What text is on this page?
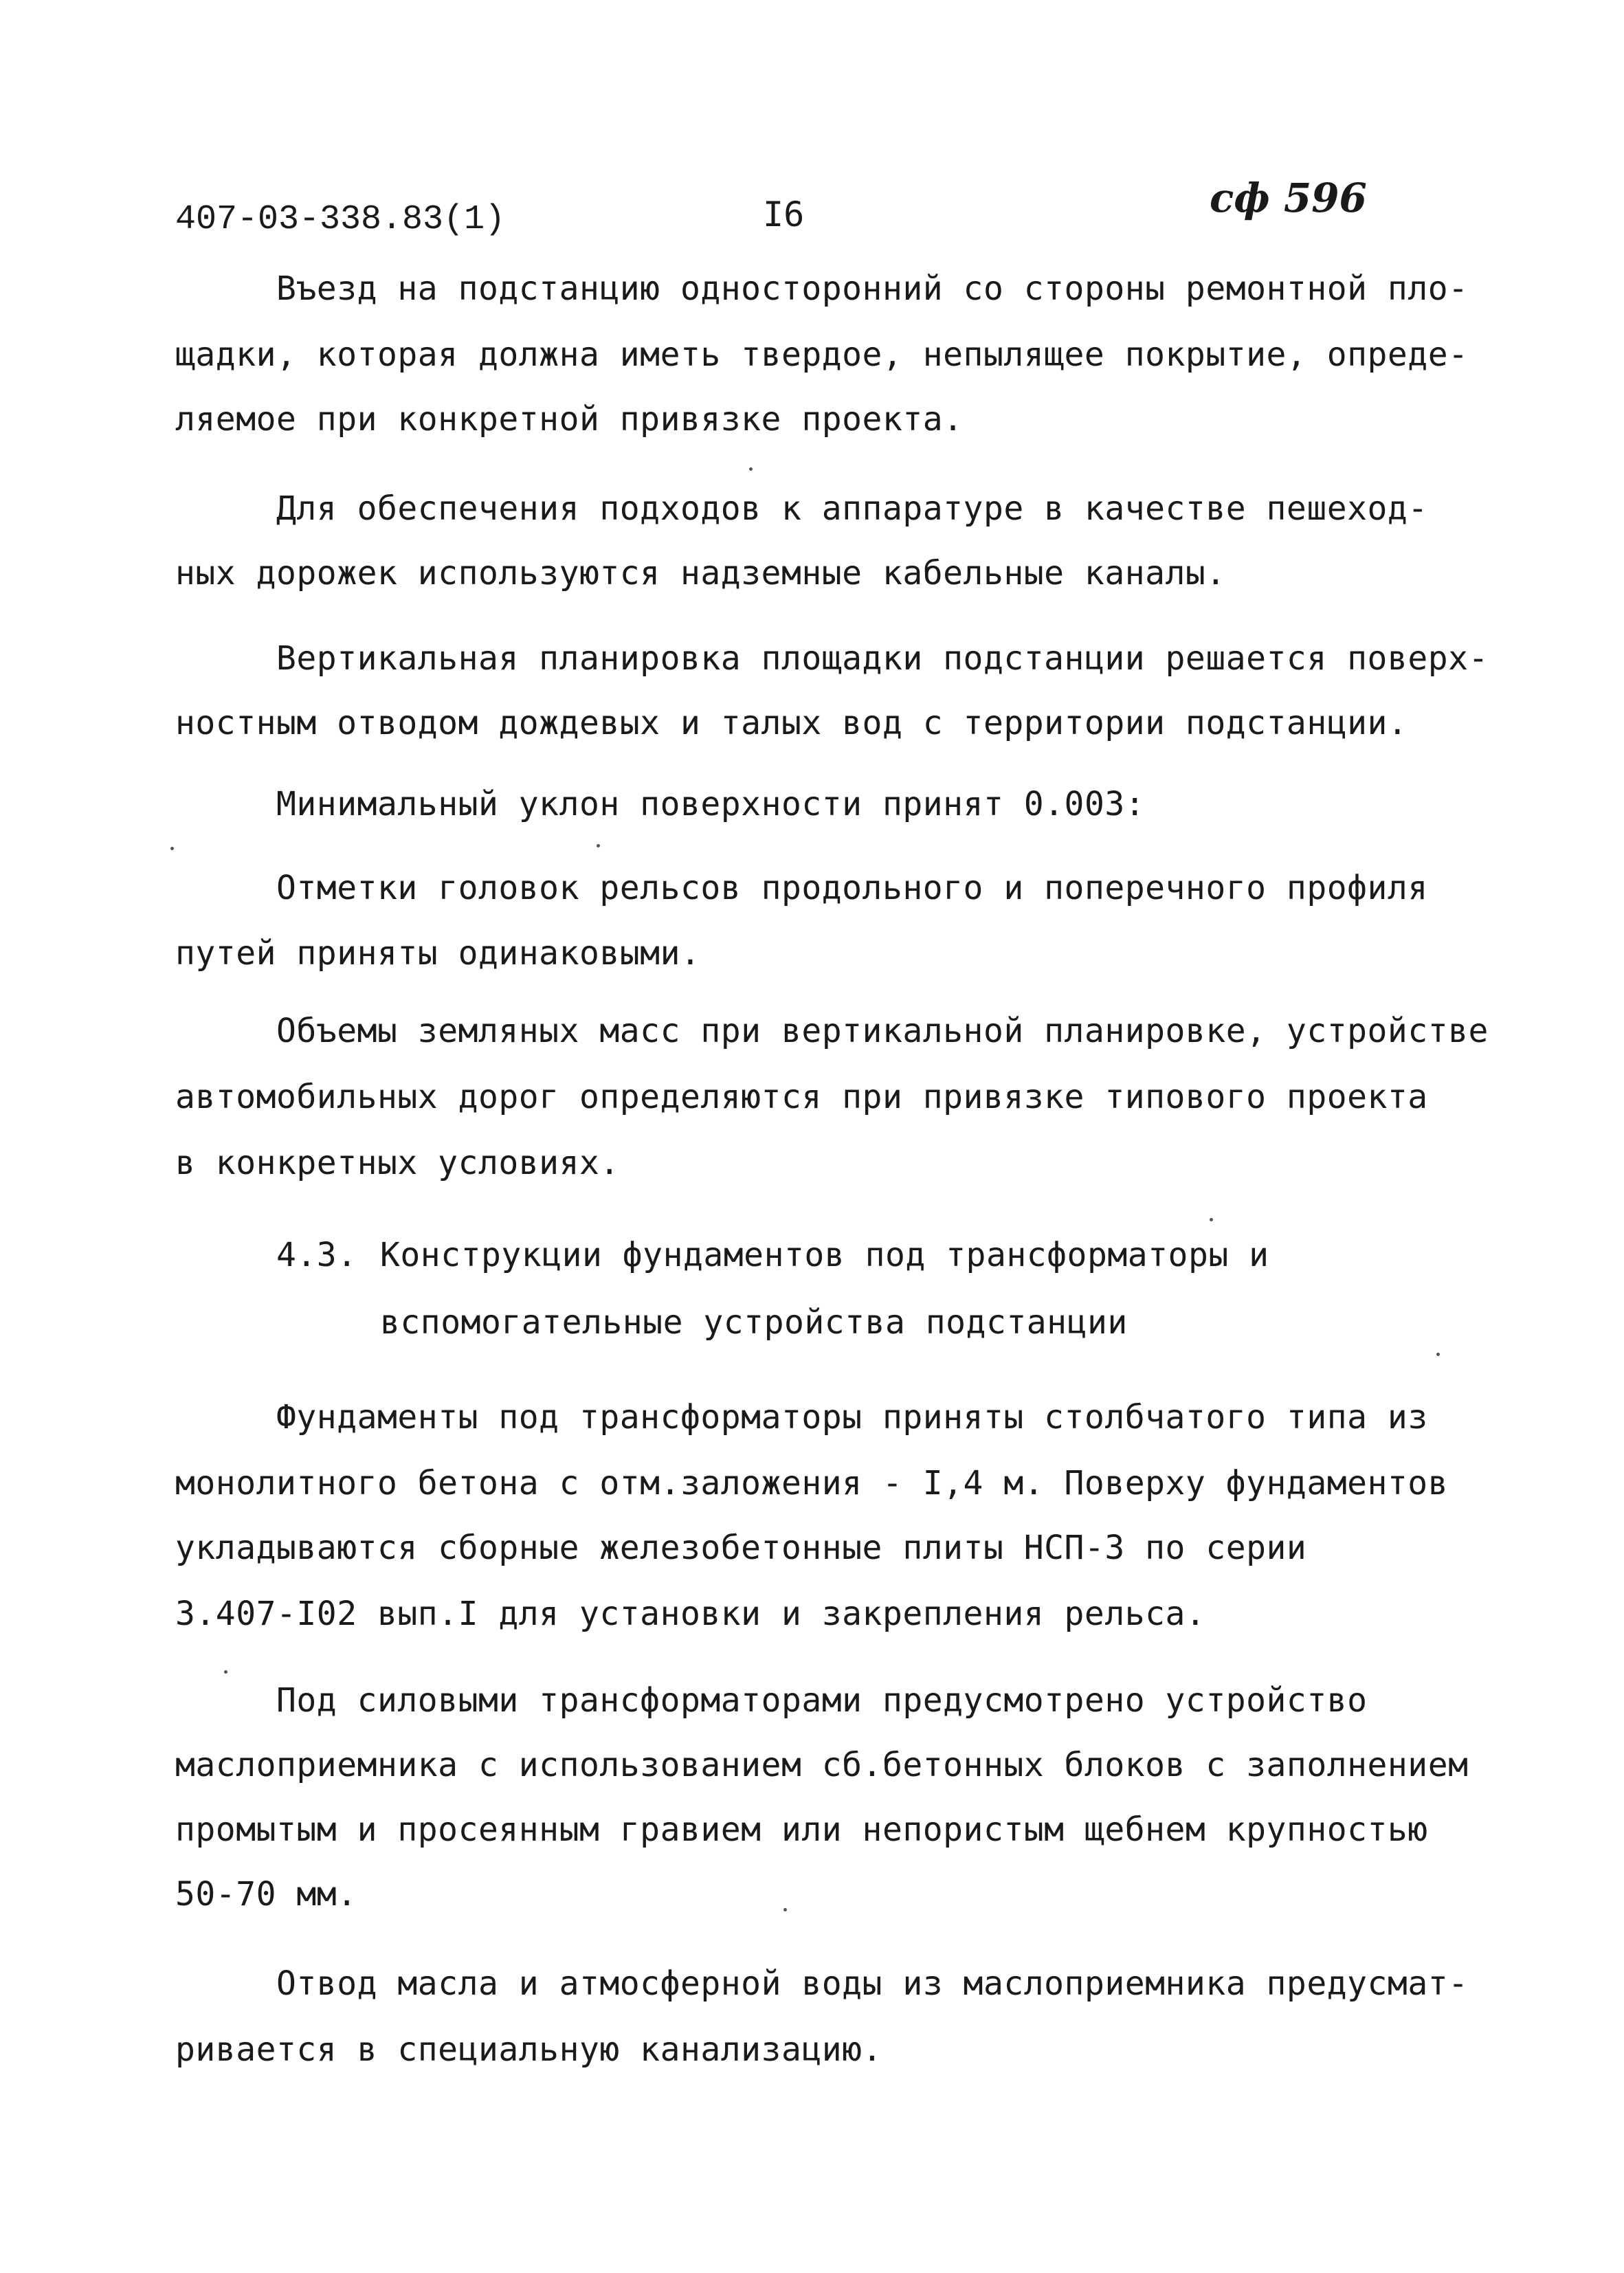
407-03-338.83(1)	I6	сф 596
Въезд на подстанцию односторонний со стороны ремонтной пло-
щадки, которая должна иметь твердое, непылящее покрытие, опреде-
ляемое при конкретной привязке проекта.
Для обеспечения подходов к аппаратуре в качестве пешеход-
ных дорожек используются надземные кабельные каналы.
Вертикальная планировка площадки подстанции решается поверх-
ностным отводом дождевых и талых вод с территории подстанции.
Минимальный уклон поверхности принят 0.003:
Отметки головок рельсов продольного и поперечного профиля
путей приняты одинаковыми.
Объемы земляных масс при вертикальной планировке, устройстве
автомобильных дорог определяются при привязке типового проекта
в конкретных условиях.
4.3. Конструкции фундаментов под трансформаторы и
вспомогательные устройства подстанции
Фундаменты под трансформаторы приняты столбчатого типа из
монолитного бетона с отм.заложения - I,4 м. Поверху фундаментов
укладываются сборные железобетонные плиты НСП-3 по серии
3.407-I02 вып.I для установки и закрепления рельса.
Под силовыми трансформаторами предусмотрено устройство
маслоприемника с использованием сб.бетонных блоков с заполнением
промытым и просеянным гравием или непористым щебнем крупностью
50-70 мм.
Отвод масла и атмосферной воды из маслоприемника предусмат-
ривается в специальную канализацию.
